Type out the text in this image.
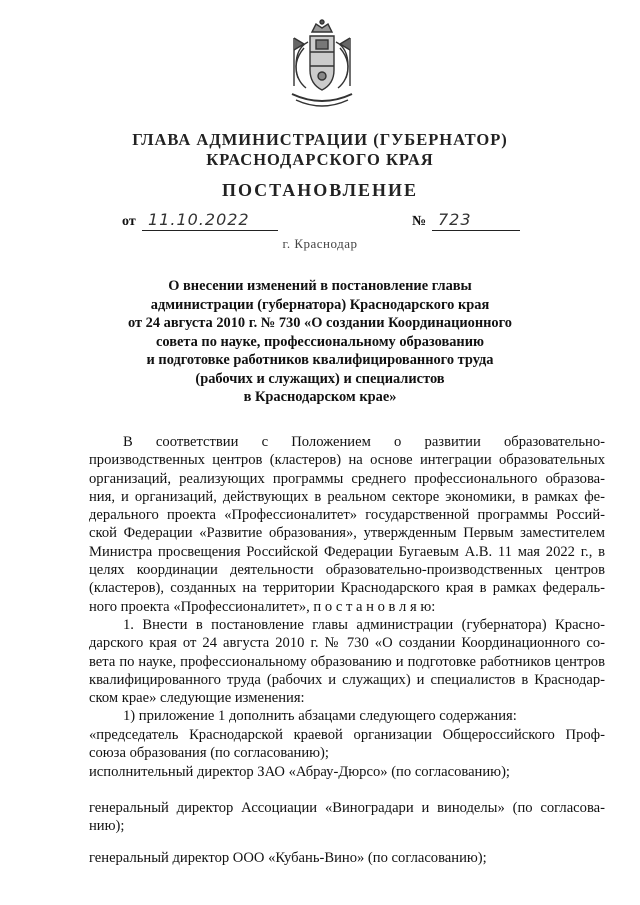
ГЛАВА АДМИНИСТРАЦИИ (ГУБЕРНАТОР)
КРАСНОДАРСКОГО КРАЯ
ПОСТАНОВЛЕНИЕ
от 11.10.2022	№ 723
г. Краснодар
О внесении изменений в постановление главы
администрации (губернатора) Краснодарского края
от 24 августа 2010 г. № 730 «О создании Координационного
совета по науке, профессиональному образованию
и подготовке работников квалифицированного труда
(рабочих и служащих) и специалистов
в Краснодарском крае»
В соответствии с Положением о развитии образовательно-
производственных центров (кластеров) на основе интеграции образовательных
организаций, реализующих программы среднего профессионального образова-
ния, и организаций, действующих в реальном секторе экономики, в рамках фе-
дерального проекта «Профессионалитет» государственной программы Россий-
ской Федерации «Развитие образования», утвержденным Первым заместителем
Министра просвещения Российской Федерации Бугаевым А.В. 11 мая 2022 г., в
целях координации деятельности образовательно-производственных центров
(кластеров), созданных на территории Краснодарского края в рамках федераль-
ного проекта «Профессионалитет», п о с т а н о в л я ю:
1. Внести в постановление главы администрации (губернатора) Красно-
дарского края от 24 августа 2010 г. № 730 «О создании Координационного со-
вета по науке, профессиональному образованию и подготовке работников центров
квалифицированного труда (рабочих и служащих) и специалистов в Краснодар-
ском крае» следующие изменения:
1) приложение 1 дополнить абзацами следующего содержания:
«председатель Краснодарской краевой организации Общероссийского Проф-
союза образования (по согласованию);
исполнительный директор ЗАО «Абрау-Дюрсо» (по согласованию);
генеральный директор Ассоциации «Виноградари и виноделы» (по согласова-
нию);
генеральный директор ООО «Кубань-Вино» (по согласованию);
